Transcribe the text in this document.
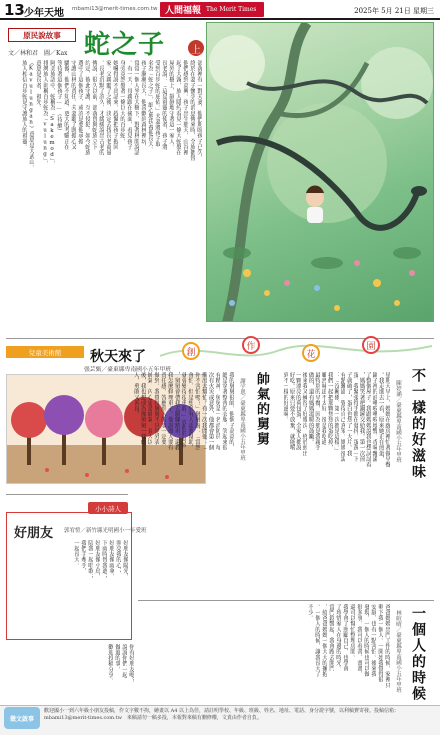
13 少年天地 mbami13@merit-times.com.tw 人間福報 The Merit Times	2025年 5月 21日 星期三
原民說故事 蛇之子	上
文／林和君　圖／Kax
部落裡有一對夫妻，他們期盼孩子已久，
終於在妻子懷孕的消息傳來時，全族都替
他們感到高興。孩子出生那天，山谷裡
起了大霧，族人隱約看見一條大蛇盤在
屋外的樹上，靜靜地守著這一家人。
長老說：「這是祖靈的使者，孩子將
受到百步蛇的庇佑。」夫妻將孩子取
名為「蛇之子」，細心地扶養他長大。
孩子漸漸長大，他喜歡到森林裡玩，
常常一個人坐在大樹下，對著林間說話
。有一天，母親跟在後面，看見孩子
身旁竟然盤著一條巨大的百步蛇，
她嚇得說不出話來，趕緊把孩子抱回
家。父親聽了之後，決定去找長老商量
。長老沉默了許久，才緩緩說出古老的
傳說：很久以前，部落曾與蛇族立下
約定，彼此守護，互不侵犯。如今蛇族
選中了這個孩子，或許是要他承擔
守護山林的責任。夫妻聽了既擔心又
驕傲，他們不知道，更大的考驗正在
等待著這個孩子……（待續）
阿美族語中，蛇稱為「Sakemod」，
排灣族人則稱百步蛇為「vulung」，
意思是長者、祖先。
（Kavulungan）意思是大武山。
族人相信百步蛇是守護族人的祖靈。
兒童美術館	秋天來了
張芸甄／臺東縣卑南國小五年甲班
創
作
花
園
不一樣的好滋味
陳妤涵／臺東縣卑南國小五年甲班
星期天早上，媽媽在廚房裡忙著做早餐
。我走進去一看，原來她正在煎蛋，
鍋子裡的油嘩啦嘩啦地響，香味飄滿
了整個屋子。我跟媽媽說我也想試試看
，媽媽笑著把鍋鏟交給我。第一次煎
蛋，我緊張得手都在發抖，蛋黃一下
子就破了，蛋白也焦了一大片。我
有點難過，覺得自己真笨。媽媽卻說
：「沒關係，第一次都是這樣。」
我們一起把那顆焦焦的蛋吃掉，
雖然味道不太好，卻是我吃過
最特別的早餐，因為那是我親手
做的，還有媽媽溫暖的鼓勵。
後來我又練習了好幾次，終於煎出
一顆漂亮的荷包蛋，全家人都說
好吃。原來只要不放棄，就能嚐
到不一樣的好滋味。
帥氣的舅舅
謝宇恩／臺東縣卑南國小五年甲班
我的舅舅很帥，他個子高高的，
總是穿著整齊的衣服，笑起來很
有精神。舅舅是一名消防員，每
次有火災或意外，他都會第一個
衝出去幫忙。有一次我問他：「
你不害怕嗎？」舅舅說：「當然
會怕，但是想到有人需要幫助，
就會變得很勇敢。」放假的時候
，舅舅會帶我去騎腳踏車，還教
我怎麼修理車子。他說做人要有
責任感，答應別人的事一定要
做到。我覺得舅舅不只是外表
帥氣，內心更是帥氣，長大以
後，我也想成為像舅舅一樣的
人，勇敢又善良。
小小詩人
好朋友 郭宥愷／新竹縣光明國小一年愛班
好朋友像陽光，
照亮我的心；
好朋友像雨傘，
下雨時替我遮；
好朋友像小鳥，
陪我一起唱歌；
我們手牽手，
一起長大。
一個人的時候
林暄晴／臺東縣卑南國小五年甲班
爸爸媽媽出門工作的時候，家裡只
剩下我一個人。一開始我覺得很
安靜，也有一點害怕。後來我
發現，一個人的時候也可以做
很多事，我可以看書、畫畫，
還可以幫忙整理房間。
我學會了照顧自己，也學會
了珍惜家人在身邊的時光。
當門鈴響起，我會跑去開門
，給爸爸媽媽一個大大的擁抱
。一個人的時候，讓我長大了
不少。
你有好朋友嗎？
說說你們一起
做過的事，
歡迎投稿分享。
徵文啟事
歡迎國小一到六年級小朋友投稿，作文字數不拘，繪畫以 A4 以上為佳，請註明學校、年級、班級、姓名、地址、電話、身分證字號，以利稿費寄發。投稿信箱：mbami13@merit-times.com.tw　來稿請勿一稿多投，本報對來稿有刪修權，文責由作者自負。
